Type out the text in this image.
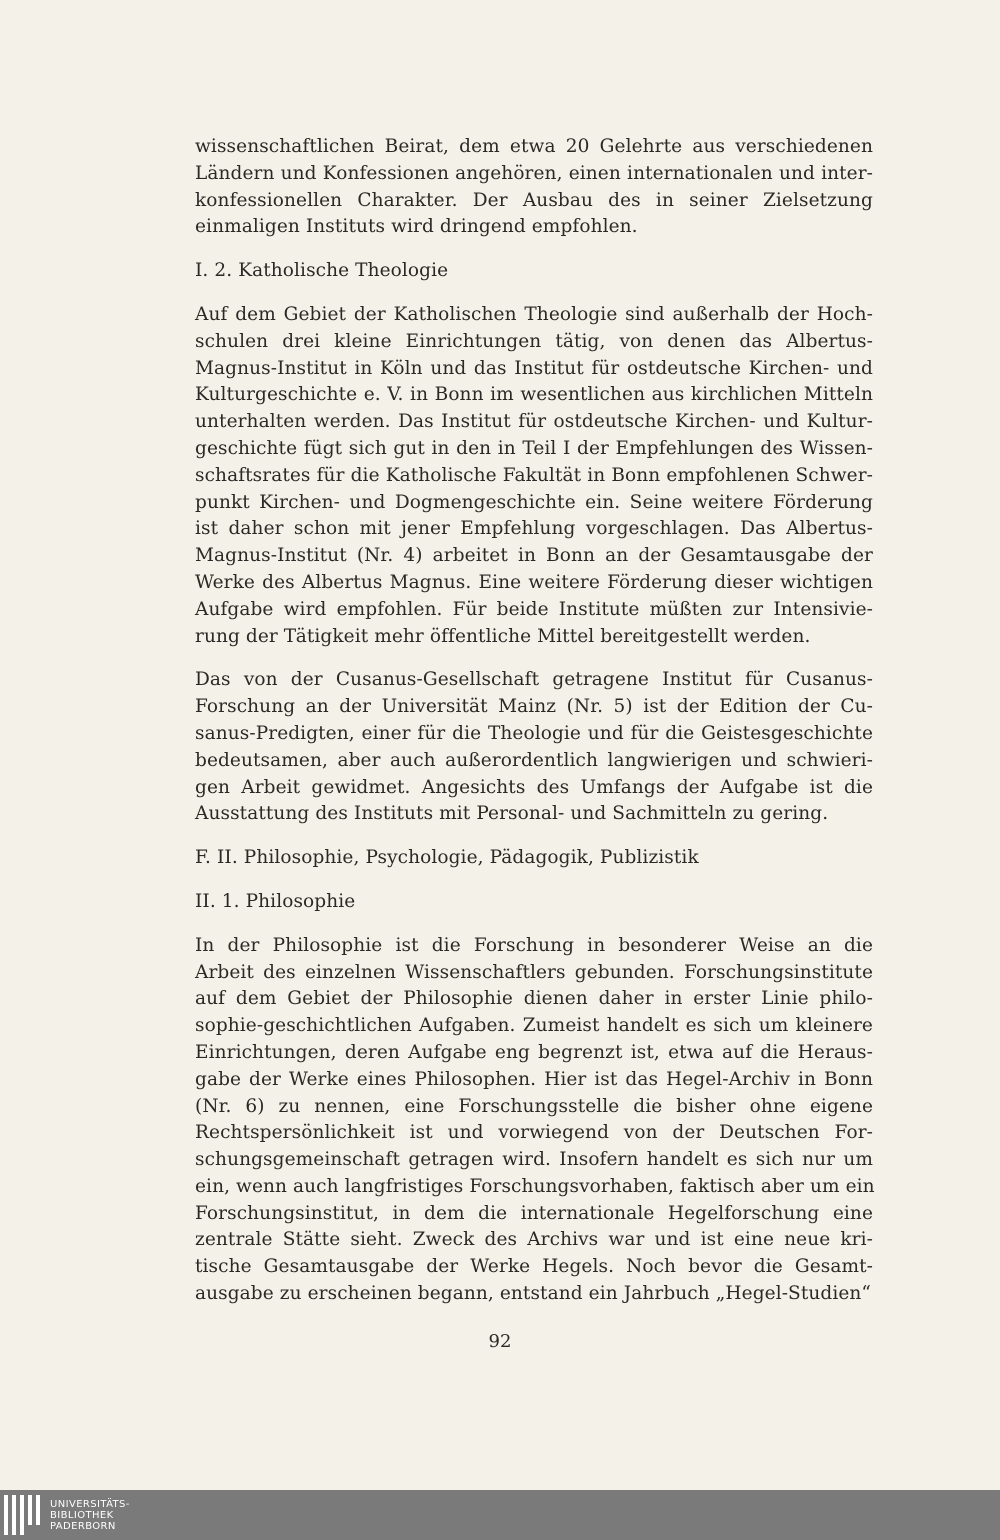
wissenschaftlichen Beirat, dem etwa 20 Gelehrte aus verschiedenen
Ländern und Konfessionen angehören, einen internationalen und inter-
konfessionellen Charakter. Der Ausbau des in seiner Zielsetzung
einmaligen Instituts wird dringend empfohlen.
I. 2. Katholische Theologie
Auf dem Gebiet der Katholischen Theologie sind außerhalb der Hoch-
schulen drei kleine Einrichtungen tätig, von denen das Albertus-
Magnus-Institut in Köln und das Institut für ostdeutsche Kirchen- und
Kulturgeschichte e. V. in Bonn im wesentlichen aus kirchlichen Mitteln
unterhalten werden. Das Institut für ostdeutsche Kirchen- und Kultur-
geschichte fügt sich gut in den in Teil I der Empfehlungen des Wissen-
schaftsrates für die Katholische Fakultät in Bonn empfohlenen Schwer-
punkt Kirchen- und Dogmengeschichte ein. Seine weitere Förderung
ist daher schon mit jener Empfehlung vorgeschlagen. Das Albertus-
Magnus-Institut (Nr. 4) arbeitet in Bonn an der Gesamtausgabe der
Werke des Albertus Magnus. Eine weitere Förderung dieser wichtigen
Aufgabe wird empfohlen. Für beide Institute müßten zur Intensivie-
rung der Tätigkeit mehr öffentliche Mittel bereitgestellt werden.
Das von der Cusanus-Gesellschaft getragene Institut für Cusanus-
Forschung an der Universität Mainz (Nr. 5) ist der Edition der Cu-
sanus-Predigten, einer für die Theologie und für die Geistesgeschichte
bedeutsamen, aber auch außerordentlich langwierigen und schwieri-
gen Arbeit gewidmet. Angesichts des Umfangs der Aufgabe ist die
Ausstattung des Instituts mit Personal- und Sachmitteln zu gering.
F. II. Philosophie, Psychologie, Pädagogik, Publizistik
II. 1. Philosophie
In der Philosophie ist die Forschung in besonderer Weise an die
Arbeit des einzelnen Wissenschaftlers gebunden. Forschungsinstitute
auf dem Gebiet der Philosophie dienen daher in erster Linie philo-
sophie-geschichtlichen Aufgaben. Zumeist handelt es sich um kleinere
Einrichtungen, deren Aufgabe eng begrenzt ist, etwa auf die Heraus-
gabe der Werke eines Philosophen. Hier ist das Hegel-Archiv in Bonn
(Nr. 6) zu nennen, eine Forschungsstelle die bisher ohne eigene
Rechtspersönlichkeit ist und vorwiegend von der Deutschen For-
schungsgemeinschaft getragen wird. Insofern handelt es sich nur um
ein, wenn auch langfristiges Forschungsvorhaben, faktisch aber um ein
Forschungsinstitut, in dem die internationale Hegelforschung eine
zentrale Stätte sieht. Zweck des Archivs war und ist eine neue kri-
tische Gesamtausgabe der Werke Hegels. Noch bevor die Gesamt-
ausgabe zu erscheinen begann, entstand ein Jahrbuch „Hegel-Studien“
92
UNIVERSITÄTS-
BIBLIOTHEK
PADERBORN
